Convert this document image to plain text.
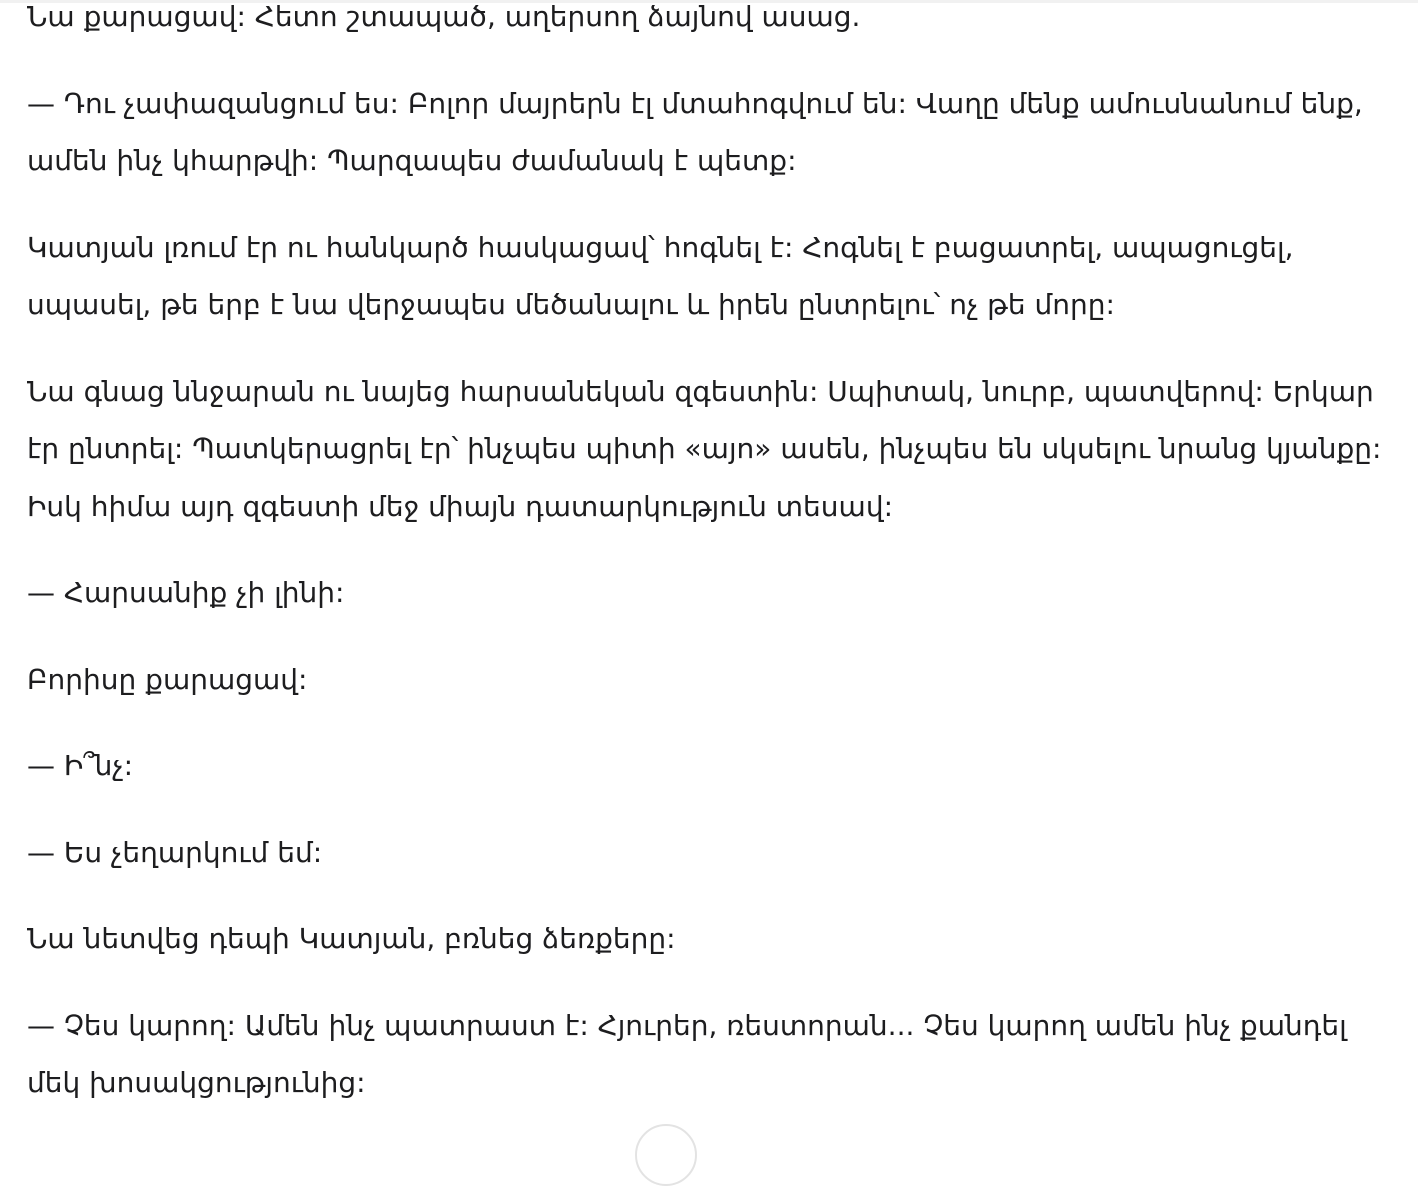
Նա քարացավ: Հետո շտապած, աղերսող ձայնով ասաց.

— Դու չափազանցում ես: Բոլոր մայրերն էլ մտահոգվում են: Վաղը մենք ամուսնանում ենք, ամեն ինչ կհարթվի: Պարզապես ժամանակ է պետք:

Կատյան լռում էր ու հանկարծ հասկացավ՝ հոգնել է: Հոգնել է բացատրել, ապացուցել, սպասել, թե երբ է նա վերջապես մեծանալու և իրեն ընտրելու՝ ոչ թե մորը:

Նա գնաց ննջարան ու նայեց հարսանեկան զգեստին: Սպիտակ, նուրբ, պատվերով: Երկար էր ընտրել: Պատկերացրել էր՝ ինչպես պիտի «այո» ասեն, ինչպես են սկսելու նրանց կյանքը: Իսկ հիմա այդ զգեստի մեջ միայն դատարկություն տեսավ:

— Հարսանիք չի լինի:

Բորիսը քարացավ:

— Ի՞նչ:

— Ես չեղարկում եմ:

Նա նետվեց դեպի Կատյան, բռնեց ձեռքերը:

— Չես կարող: Ամեն ինչ պատրաստ է: Հյուրեր, ռեստորան... Չես կարող ամեն ինչ քանդել մեկ խոսակցությունից:
